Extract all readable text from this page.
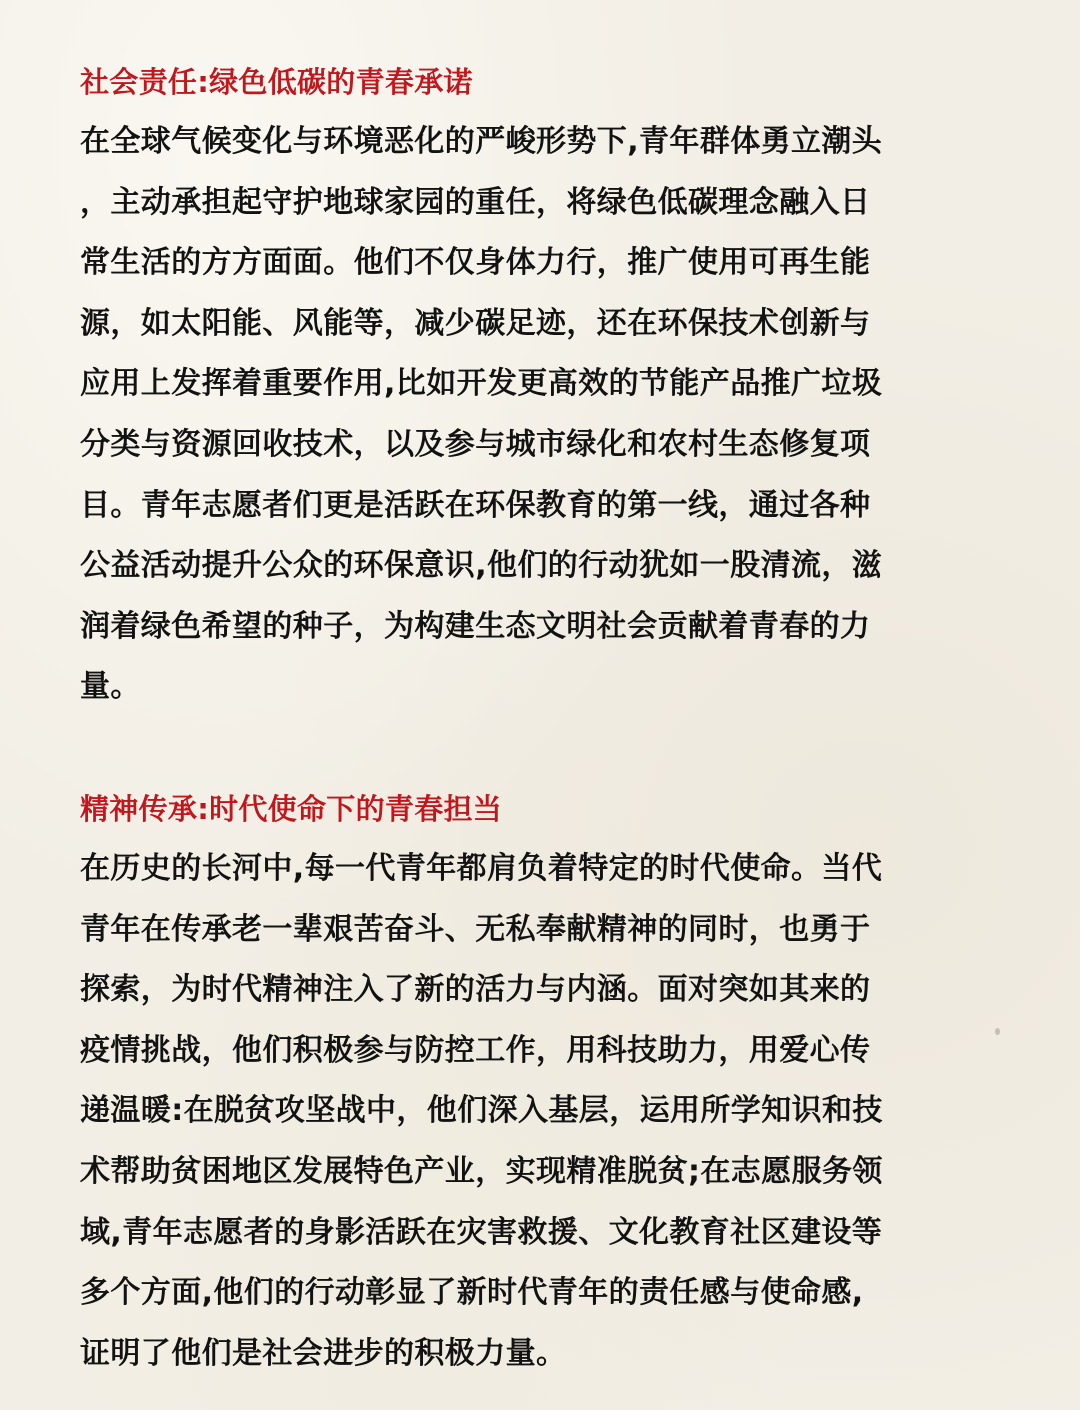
社会责任:绿色低碳的青春承诺

在全球气候变化与环境恶化的严峻形势下,青年群体勇立潮头

，主动承担起守护地球家园的重任，将绿色低碳理念融入日

常生活的方方面面。他们不仅身体力行，推广使用可再生能

源，如太阳能、风能等，减少碳足迹，还在环保技术创新与

应用上发挥着重要作用,比如开发更高效的节能产品推广垃圾

分类与资源回收技术，以及参与城市绿化和农村生态修复项

目。青年志愿者们更是活跃在环保教育的第一线，通过各种

公益活动提升公众的环保意识,他们的行动犹如一股清流，滋

润着绿色希望的种子，为构建生态文明社会贡献着青春的力

量。

精神传承:时代使命下的青春担当

在历史的长河中,每一代青年都肩负着特定的时代使命。当代

青年在传承老一辈艰苦奋斗、无私奉献精神的同时，也勇于

探索，为时代精神注入了新的活力与内涵。面对突如其来的

疫情挑战，他们积极参与防控工作，用科技助力，用爱心传

递温暖:在脱贫攻坚战中，他们深入基层，运用所学知识和技

术帮助贫困地区发展特色产业，实现精准脱贫;在志愿服务领

域,青年志愿者的身影活跃在灾害救援、文化教育社区建设等

多个方面,他们的行动彰显了新时代青年的责任感与使命感,

证明了他们是社会进步的积极力量。
